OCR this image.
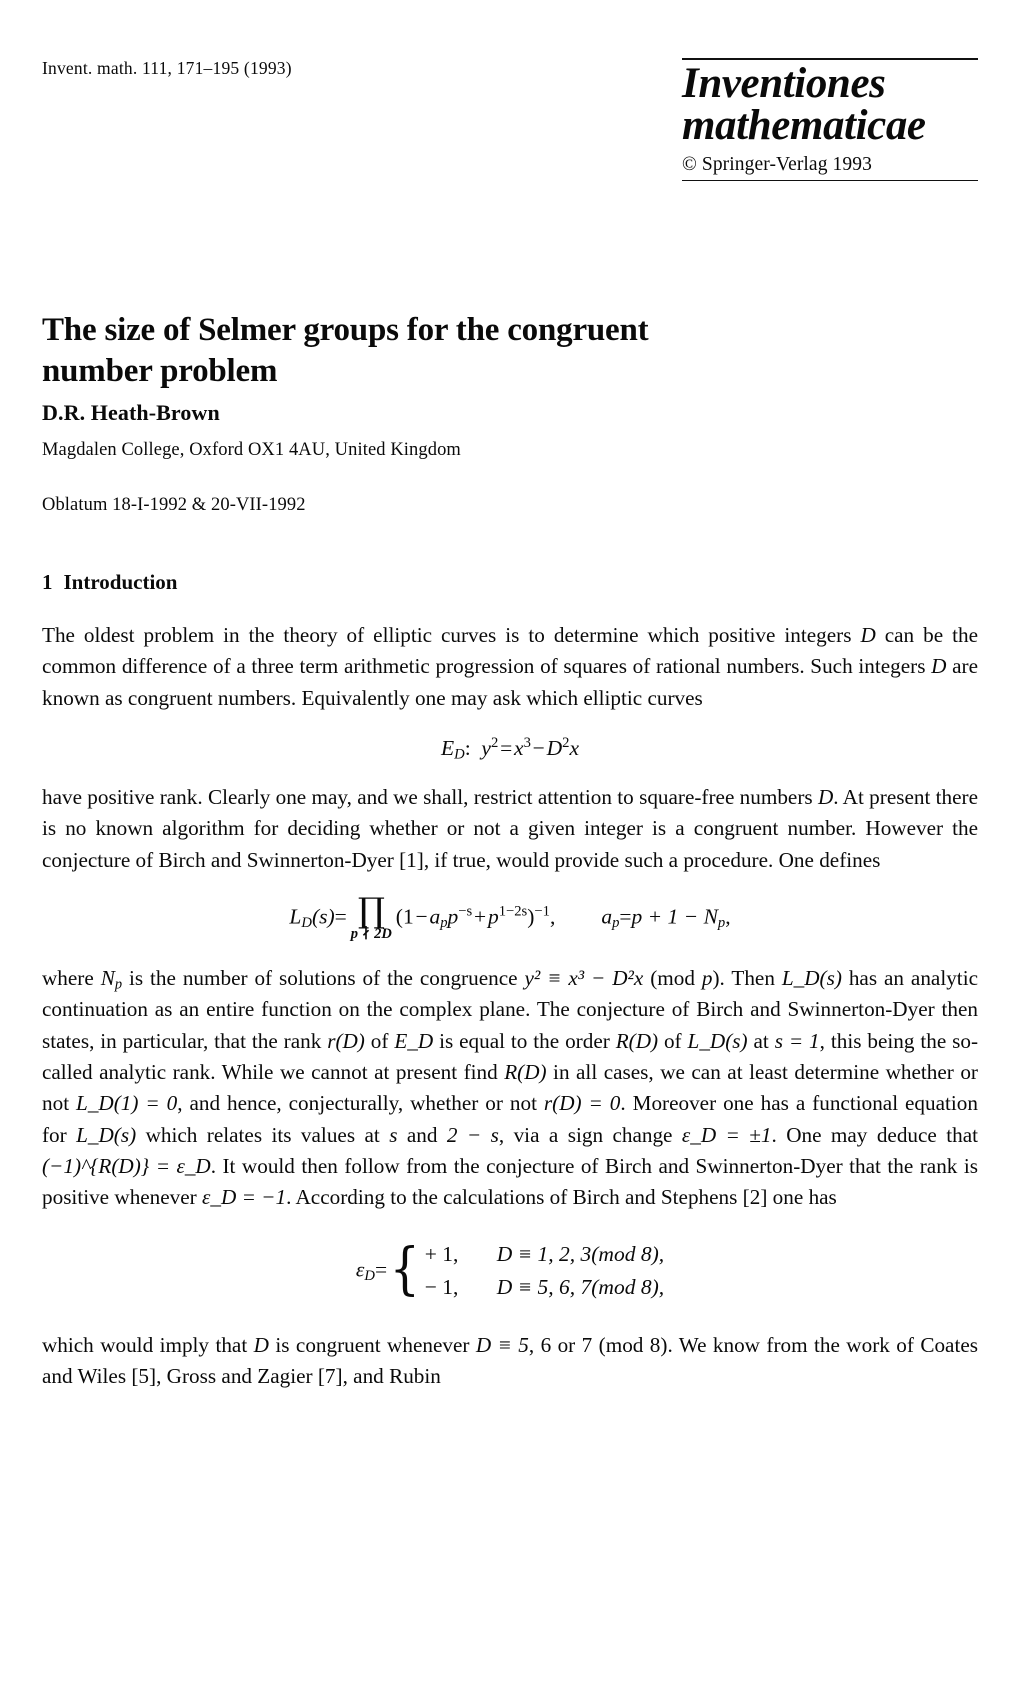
Invent. math. 111, 171–195 (1993)	Inventiones
mathematicae
© Springer-Verlag 1993
The size of Selmer groups for the congruent
number problem
D.R. Heath-Brown
Magdalen College, Oxford OX1 4AU, United Kingdom
Oblatum 18-I-1992 & 20-VII-1992
1 Introduction

The oldest problem in the theory of elliptic curves is to determine which positive integers D can be the common difference of a three term arithmetic progression of squares of rational numbers. Such integers D are known as congruent numbers. Equivalently one may ask which elliptic curves

$E_D$: $y^2$ = $x^3$ − $D^2x$

have positive rank. Clearly one may, and we shall, restrict attention to square-free numbers D. At present there is no known algorithm for deciding whether or not a given integer is a congruent number. However the conjecture of Birch and Swinnerton-Dyer [1], if true, would provide such a procedure. One defines

$L_D(s)=$ ∏
p ∤ 2D
(1 − $a_pp^{-s}$ + $p^{1-2s})^{-1}$, $a_p=p + 1 - N_p$,

where $N_p$ is the number of solutions of the congruence y² ≡ x³ − D²x (mod p). Then L_D(s) has an analytic continuation as an entire function on the complex plane. The conjecture of Birch and Swinnerton-Dyer then states, in particular, that the rank r(D) of E_D is equal to the order R(D) of L_D(s) at s = 1, this being the so-called analytic rank. While we cannot at present find R(D) in all cases, we can at least determine whether or not L_D(1) = 0, and hence, conjecturally, whether or not r(D) = 0. Moreover one has a functional equation for L_D(s) which relates its values at s and 2 − s, via a sign change ε_D = ±1. One may deduce that (−1)^{R(D)} = ε_D. It would then follow from the conjecture of Birch and Swinnerton-Dyer that the rank is positive whenever ε_D = −1. According to the calculations of Birch and Stephens [2] one has

$\varepsilon_D=\{ + 1$, D ≡ 1, 2, 3(mod 8),
− 1, D ≡ 5, 6, 7(mod 8),

which would imply that D is congruent whenever D ≡ 5, 6 or 7 (mod 8). We know from the work of Coates and Wiles [5], Gross and Zagier [7], and Rubin
